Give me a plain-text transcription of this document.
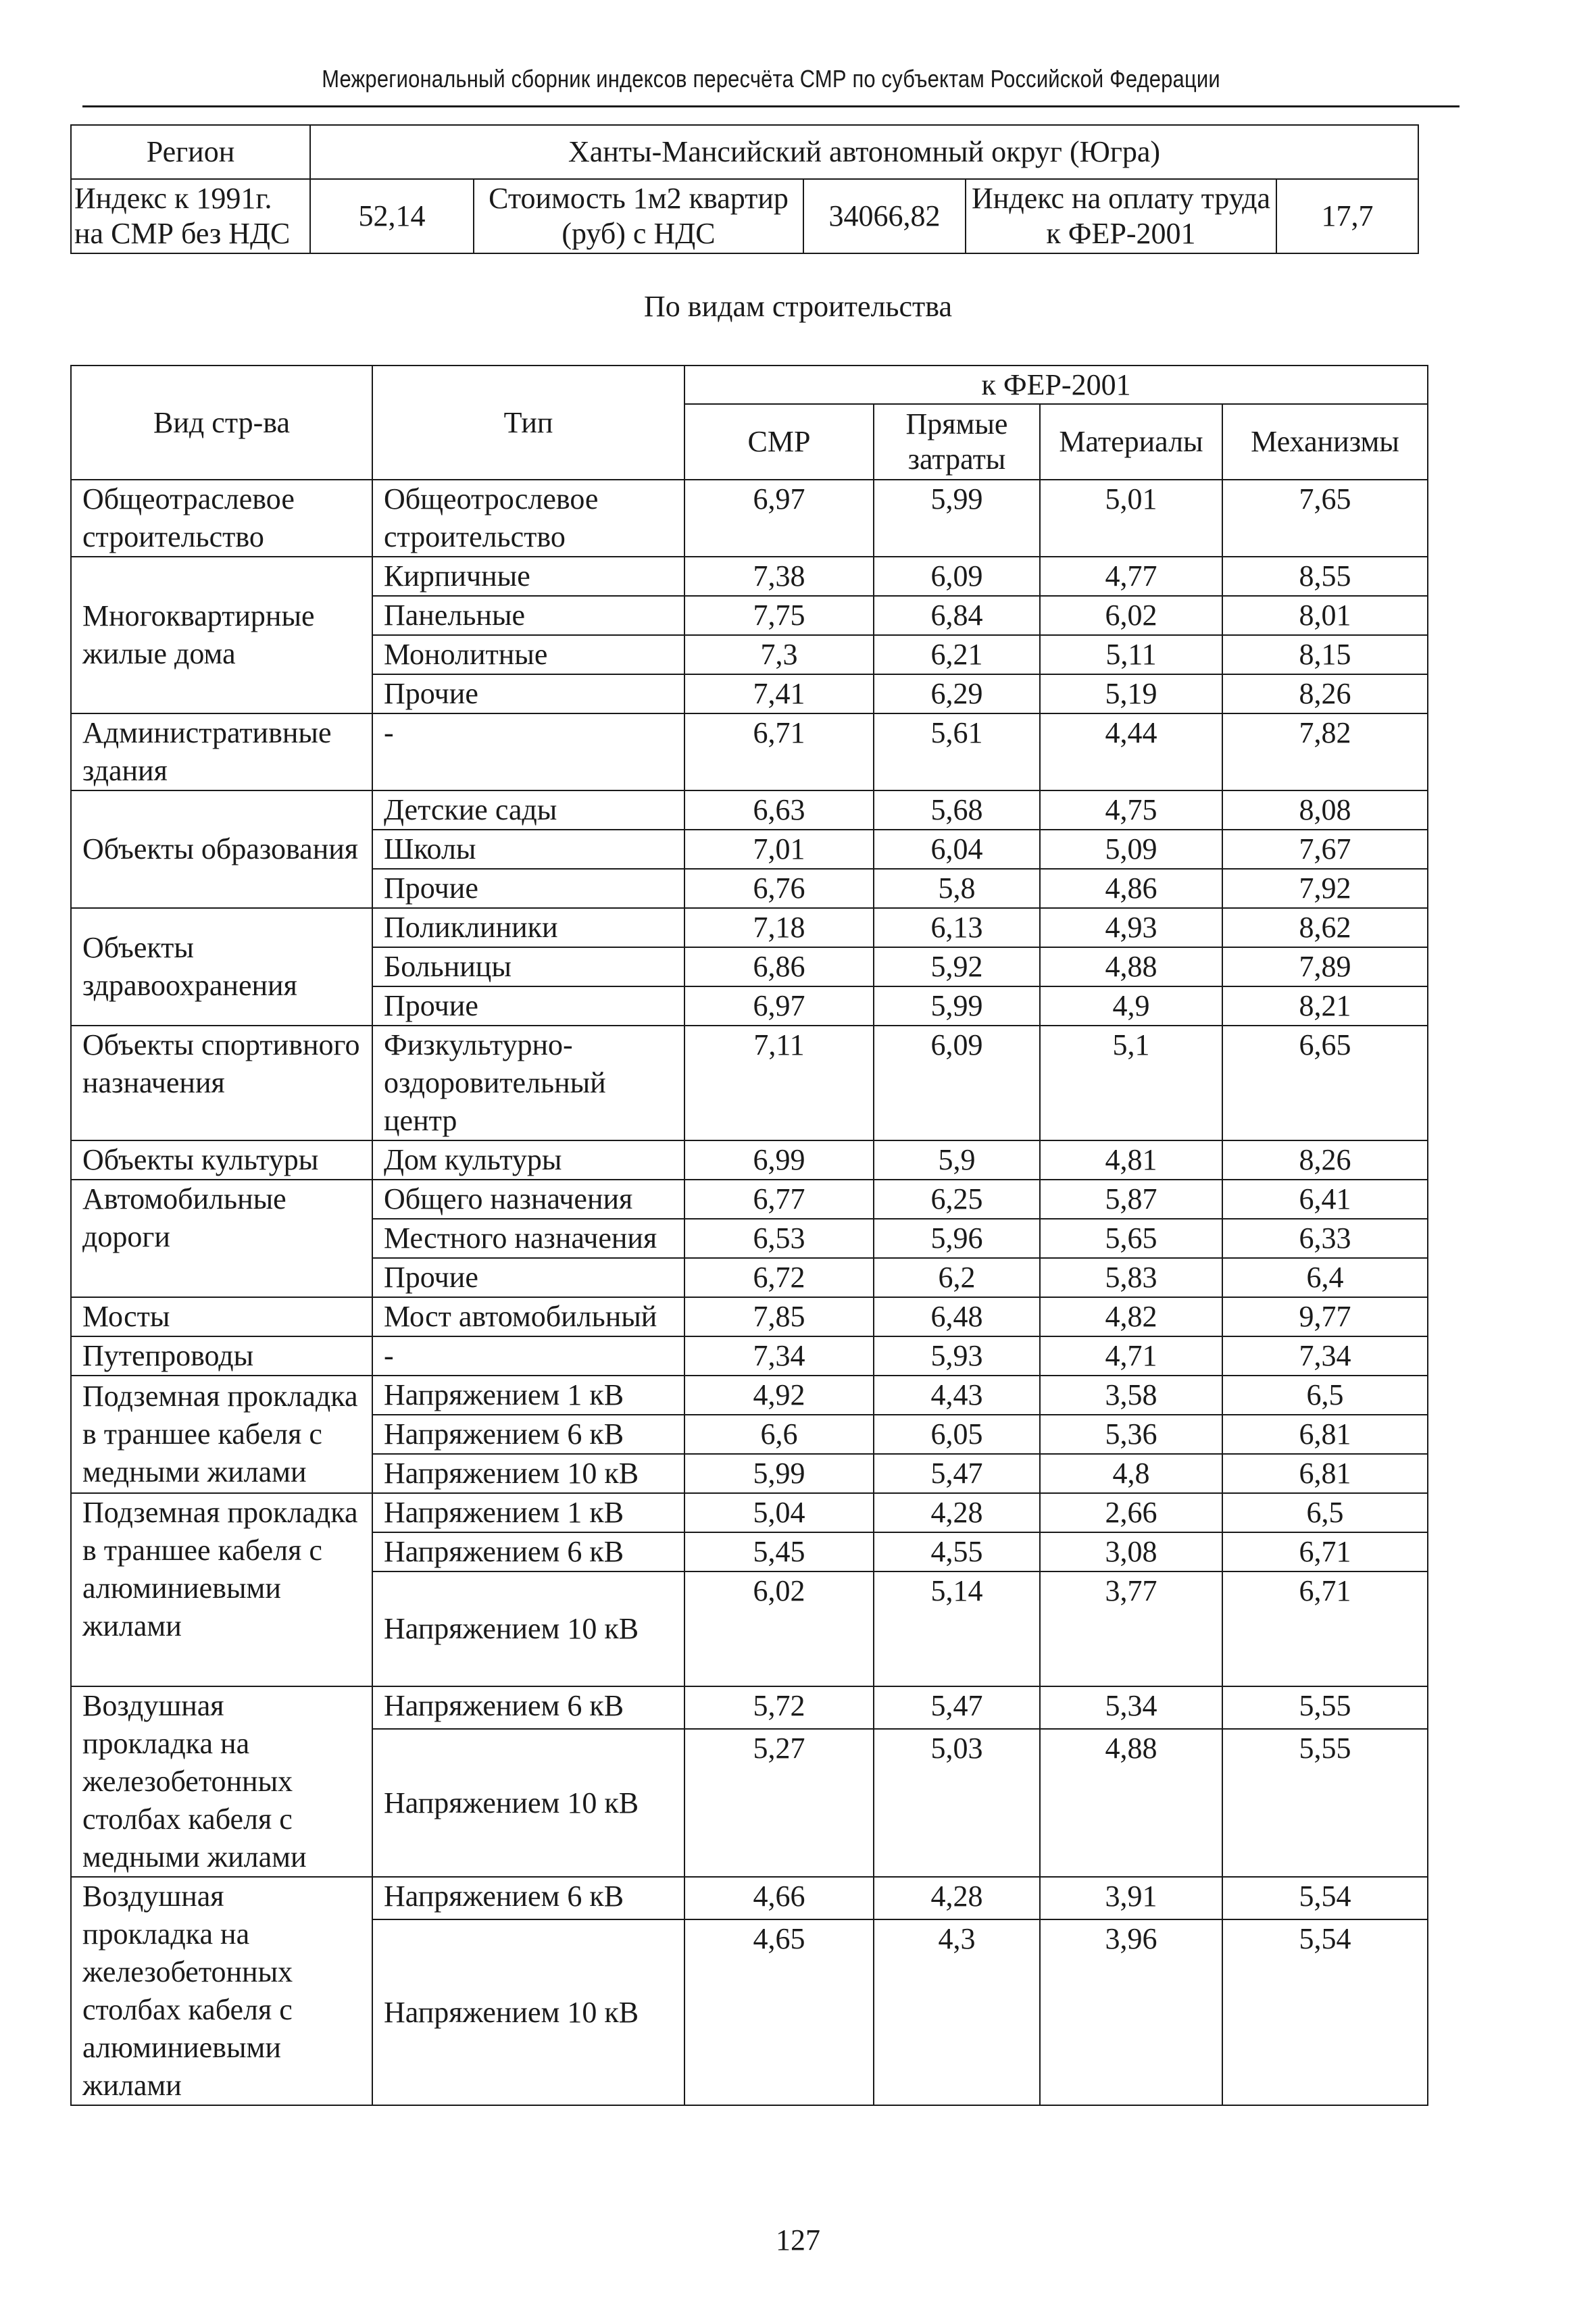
Межрегиональный сборник индексов пересчёта СМР по субъектам Российской Федерации
Регион	Ханты-Мансийский автономный округ (Югра)				
Индекс к 1991г. на СМР без НДС	52,14	Стоимость 1м2 квартир (руб) с НДС	34066,82	Индекс на оплату труда к ФЕР-2001	17,7
По видам строительства
Вид стр-ва	Тип	к ФЕР-2001			
		СМР	Прямые затраты	Материалы	Механизмы
Общеотраслевое строительство	Общеотрослевое строительство	6,97	5,99	5,01	7,65
Многоквартирные жилые дома	Кирпичные	7,38	6,09	4,77	8,55
	Панельные	7,75	6,84	6,02	8,01
	Монолитные	7,3	6,21	5,11	8,15
	Прочие	7,41	6,29	5,19	8,26
Административные здания	-	6,71	5,61	4,44	7,82
Объекты образования	Детские сады	6,63	5,68	4,75	8,08
	Школы	7,01	6,04	5,09	7,67
	Прочие	6,76	5,8	4,86	7,92
Объекты здравоохранения	Поликлиники	7,18	6,13	4,93	8,62
	Больницы	6,86	5,92	4,88	7,89
	Прочие	6,97	5,99	4,9	8,21
Объекты спортивного назначения	Физкультурно-оздоровительный центр	7,11	6,09	5,1	6,65
Объекты культуры	Дом культуры	6,99	5,9	4,81	8,26
Автомобильные дороги	Общего назначения	6,77	6,25	5,87	6,41
	Местного назначения	6,53	5,96	5,65	6,33
	Прочие	6,72	6,2	5,83	6,4
Мосты	Мост автомобильный	7,85	6,48	4,82	9,77
Путепроводы	-	7,34	5,93	4,71	7,34
Подземная прокладка в траншее кабеля с медными жилами	Напряжением 1 кВ	4,92	4,43	3,58	6,5
	Напряжением 6 кВ	6,6	6,05	5,36	6,81
	Напряжением 10 кВ	5,99	5,47	4,8	6,81
Подземная прокладка в траншее кабеля с алюминиевыми жилами	Напряжением 1 кВ	5,04	4,28	2,66	6,5
	Напряжением 6 кВ	5,45	4,55	3,08	6,71
	Напряжением 10 кВ	6,02	5,14	3,77	6,71
Воздушная прокладка на железобетонных столбах кабеля с медными жилами	Напряжением 6 кВ	5,72	5,47	5,34	5,55
	Напряжением 10 кВ	5,27	5,03	4,88	5,55
Воздушная прокладка на железобетонных столбах кабеля с алюминиевыми жилами	Напряжением 6 кВ	4,66	4,28	3,91	5,54
	Напряжением 10 кВ	4,65	4,3	3,96	5,54
127
